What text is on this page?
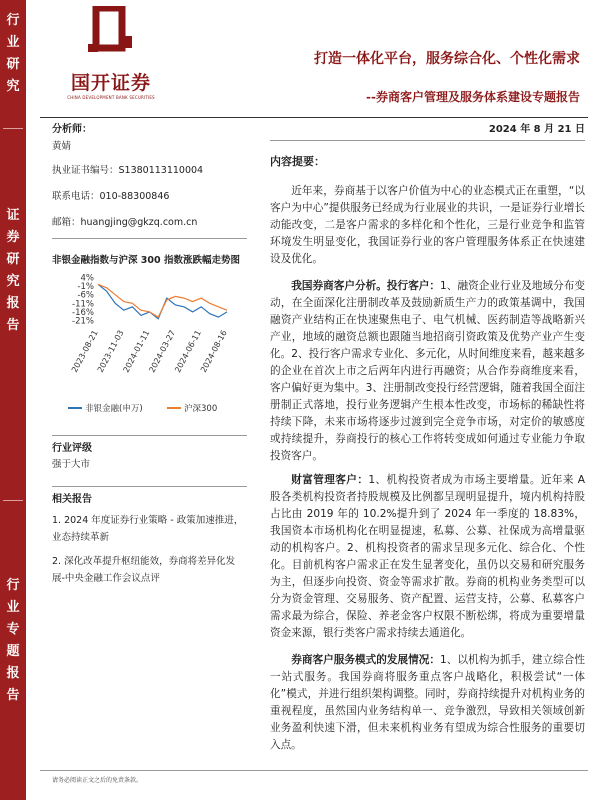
行
业
研
究
证
券
研
究
报
告
行
业
专
题
报
告
国开证券
CHINA DEVELOPMENT BANK SECURITIES
打造一体化平台，服务综合化、个性化需求
--券商客户管理及服务体系建设专题报告
分析师：
黄婧
执业证书编号：S1380113110004
联系电话：010-88300846
邮箱：huangjing@gkzq.com.cn
非银金融指数与沪深 300 指数涨跌幅走势图
4%
-1%
-6%
-11%
-16%
-21%
2023-08-21
2023-11-03
2024-01-11
2024-03-27
2024-06-11
2024-08-16
非银金融(申万)	沪深300
行业评级
强于大市
相关报告
1. 2024 年度证券行业策略 - 政策加速推进，业态持续革新
2. 深化改革提升枢纽能效，券商将差异化发展-中央金融工作会议点评
2024 年 8 月 21 日
内容提要：

近年来，券商基于以客户价值为中心的业态模式正在重塑，“以客户为中心”提供服务已经成为行业展业的共识，一是证券行业增长动能改变，二是客户需求的多样化和个性化，三是行业竞争和监管环境发生明显变化，我国证券行业的客户管理服务体系正在快速建设及优化。

我国券商客户分析。投行客户：1、融资企业行业及地域分布变动，在全面深化注册制改革及鼓励新质生产力的政策基调中，我国融资产业结构正在快速聚焦电子、电气机械、医药制造等战略新兴产业，地域的融资总额也跟随当地招商引资政策及优势产业产生变化。2、投行客户需求专业化、多元化，从时间维度来看，越来越多的企业在首次上市之后两年内进行再融资；从合作券商维度来看，客户偏好更为集中。3、注册制改变投行经营逻辑，随着我国全面注册制正式落地，投行业务逻辑产生根本性改变，市场标的稀缺性将持续下降，未来市场将逐步过渡到完全竞争市场，对定价的敏感度或持续提升，券商投行的核心工作将转变成如何通过专业能力争取投资客户。

财富管理客户：1、机构投资者成为市场主要增量。近年来 A 股各类机构投资者持股规模及比例都呈现明显提升，境内机构持股占比由 2019 年的 10.2%提升到了 2024 年一季度的 18.83%，我国资本市场机构化在明显提速，私募、公募、社保成为高增量驱动的机构客户。2、机构投资者的需求呈现多元化、综合化、个性化。目前机构客户需求正在发生显著变化，虽仍以交易和研究服务为主，但逐步向投资、资金等需求扩散。券商的机构业务类型可以分为资金管理、交易服务、资产配置、运营支持，公募、私募客户需求最为综合，保险、养老金客户权限不断松绑，将成为重要增量资金来源，银行类客户需求持续去通道化。

券商客户服务模式的发展情况：1、以机构为抓手，建立综合性一站式服务。我国券商将服务重点客户战略化，积极尝试“一体化”模式，并进行组织架构调整。同时，券商持续提升对机构业务的重视程度，虽然国内业务结构单一、竞争激烈，导致相关领域创新业务盈利快速下滑，但未来机构业务有望成为综合性服务的重要切入点。

请务必阅读正文之后的免责条款。
